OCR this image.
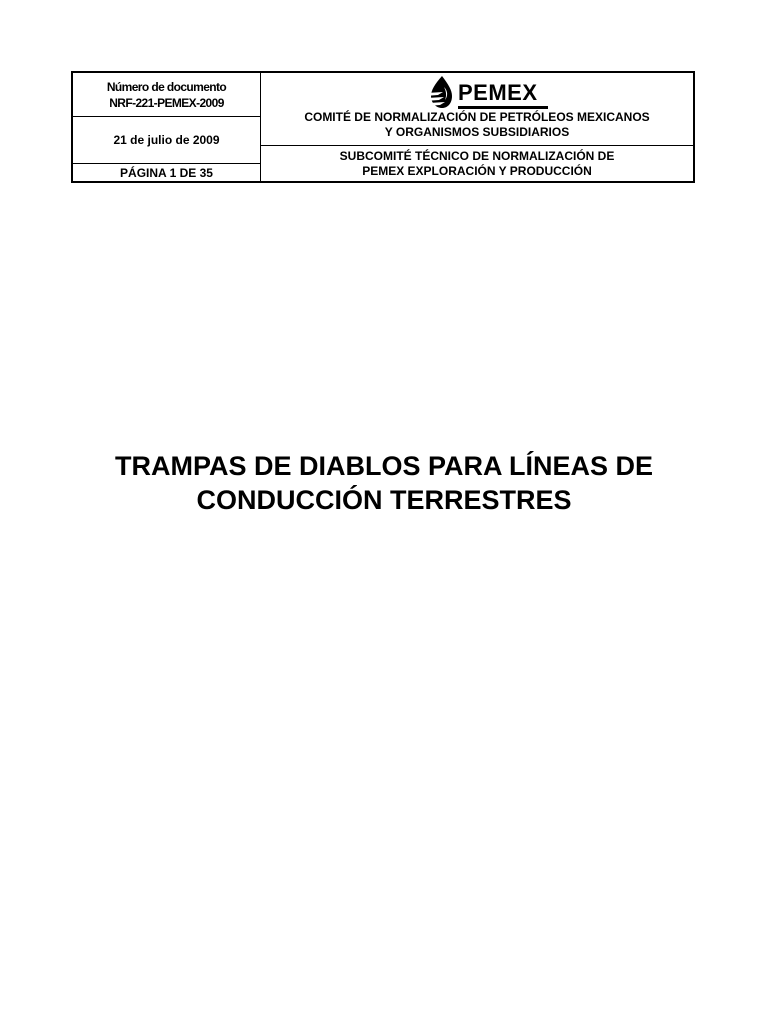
Número de documento
NRF-221-PEMEX-2009
21 de julio de 2009
PÁGINA 1 DE 35
PEMEX
COMITÉ DE NORMALIZACIÓN DE PETRÓLEOS MEXICANOS
Y ORGANISMOS SUBSIDIARIOS
SUBCOMITÉ TÉCNICO DE NORMALIZACIÓN DE
PEMEX EXPLORACIÓN Y PRODUCCIÓN
TRAMPAS DE DIABLOS PARA LÍNEAS DE
CONDUCCIÓN TERRESTRES
